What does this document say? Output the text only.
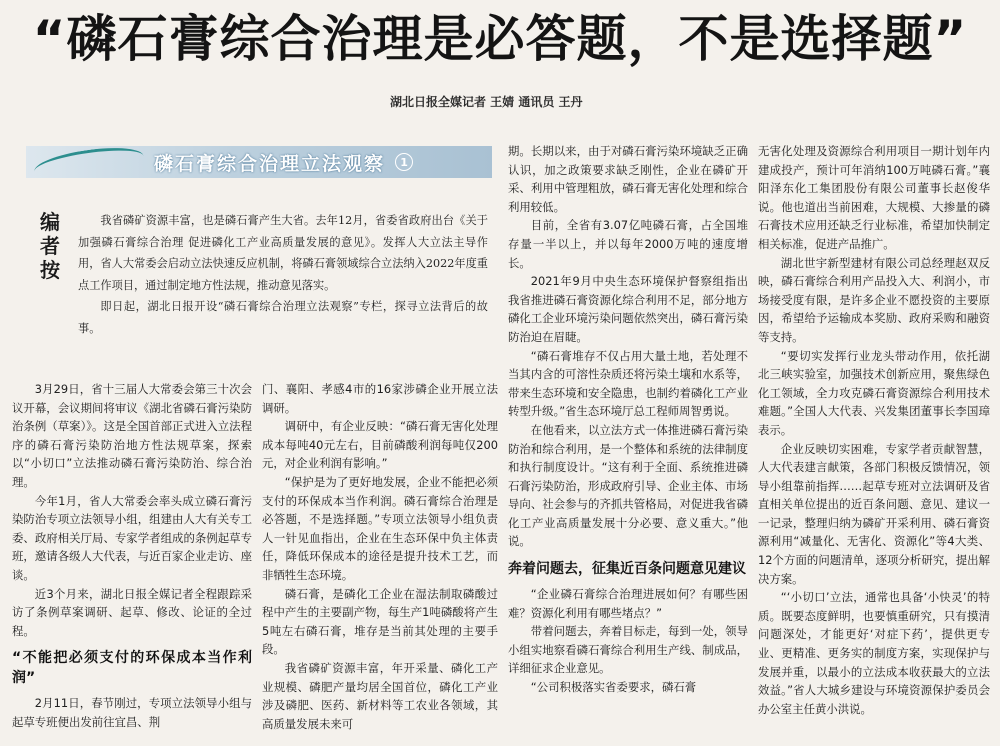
“磷石膏综合治理是必答题，不是选择题”
湖北日报全媒记者 王婧 通讯员 王丹
磷石膏综合治理立法观察	1
编者按

我省磷矿资源丰富，也是磷石膏产生大省。去年12月，省委省政府出台《关于加强磷石膏综合治理 促进磷化工产业高质量发展的意见》。发挥人大立法主导作用，省人大常委会启动立法快速反应机制，将磷石膏领域综合立法纳入2022年度重点工作项目，通过制定地方性法规，推动意见落实。

即日起，湖北日报开设“磷石膏综合治理立法观察”专栏，探寻立法背后的故事。

3月29日，省十三届人大常委会第三十次会议开幕，会议期间将审议《湖北省磷石膏污染防治条例（草案）》。这是全国首部正式进入立法程序的磷石膏污染防治地方性法规草案，探索以“小切口”立法推动磷石膏污染防治、综合治理。

今年1月，省人大常委会率头成立磷石膏污染防治专项立法领导小组，组建由人大有关专工委、政府相关厅局、专家学者组成的条例起草专班，邀请各级人大代表，与近百家企业走访、座谈。

近3个月来，湖北日报全媒记者全程跟踪采访了条例草案调研、起草、修改、论证的全过程。

“不能把必须支付的环保成本当作利润”

2月11日，春节刚过，专项立法领导小组与起草专班便出发前往宜昌、荆

门、襄阳、孝感4市的16家涉磷企业开展立法调研。

调研中，有企业反映：“磷石膏无害化处理成本每吨40元左右，目前磷酸利润每吨仅200元，对企业利润有影响。”

“保护是为了更好地发展，企业不能把必须支付的环保成本当作利润。磷石膏综合治理是必答题，不是选择题。”专项立法领导小组负责人一针见血指出，企业在生态环保中负主体责任，降低环保成本的途径是提升技术工艺，而非牺牲生态环境。

磷石膏，是磷化工企业在湿法制取磷酸过程中产生的主要副产物，每生产1吨磷酸将产生5吨左右磷石膏，堆存是当前其处理的主要手段。

我省磷矿资源丰富，年开采量、磷化工产业规模、磷肥产量均居全国首位，磷化工产业涉及磷肥、医药、新材料等工农业各领域，其高质量发展未来可

期。长期以来，由于对磷石膏污染环境缺乏正确认识，加之政策要求缺乏刚性，企业在磷矿开采、利用中管理粗放，磷石膏无害化处理和综合利用较低。

目前，全省有3.07亿吨磷石膏，占全国堆存量一半以上，并以每年2000万吨的速度增长。

2021年9月中央生态环境保护督察组指出我省推进磷石膏资源化综合利用不足，部分地方磷化工企业环境污染问题依然突出，磷石膏污染防治迫在眉睫。

“磷石膏堆存不仅占用大量土地，若处理不当其内含的可溶性杂质还将污染土壤和水系等，带来生态环境和安全隐患，也制约着磷化工产业转型升级。”省生态环境厅总工程师周智勇说。

在他看来，以立法方式一体推进磷石膏污染防治和综合利用，是一个整体和系统的法律制度和执行制度设计。“这有利于全面、系统推进磷石膏污染防治，形成政府引导、企业主体、市场导向、社会参与的齐抓共管格局，对促进我省磷化工产业高质量发展十分必要、意义重大。”他说。

奔着问题去，征集近百条问题意见建议

“企业磷石膏综合治理进展如何？有哪些困难？资源化利用有哪些堵点？”

带着问题去，奔着目标走，每到一处，领导小组实地察看磷石膏综合利用生产线、制成品，详细征求企业意见。

“公司积极落实省委要求，磷石膏

无害化处理及资源综合利用项目一期计划年内建成投产，预计可年消纳100万吨磷石膏。”襄阳泽东化工集团股份有限公司董事长赵俊华说。他也道出当前困难，大规模、大掺量的磷石膏技术应用还缺乏行业标准，希望加快制定相关标准，促进产品推广。

湖北世宇新型建材有限公司总经理赵双反映，磷石膏综合利用产品投入大、利润小，市场接受度有限，是许多企业不愿投资的主要原因，希望给予运输成本奖励、政府采购和融资等支持。

“要切实发挥行业龙头带动作用，依托湖北三峡实验室，加强技术创新应用，聚焦绿色化工领域，全力攻克磷石膏资源综合利用技术难题。”全国人大代表、兴发集团董事长李国璋表示。

企业反映切实困难，专家学者贡献智慧，人大代表建言献策，各部门积极反馈情况，领导小组靠前指挥……起草专班对立法调研及省直相关单位提出的近百条问题、意见、建议一一记录，整理归纳为磷矿开采利用、磷石膏资源利用“减量化、无害化、资源化”等4大类、12个方面的问题清单，逐项分析研究，提出解决方案。

“‘小切口’立法，通常也具备‘小快灵’的特质。既要态度鲜明，也要慎重研究，只有摸清问题深处，才能更好‘对症下药’，提供更专业、更精准、更务实的制度方案，实现保护与发展并重，以最小的立法成本收获最大的立法效益。”省人大城乡建设与环境资源保护委员会办公室主任黄小洪说。
